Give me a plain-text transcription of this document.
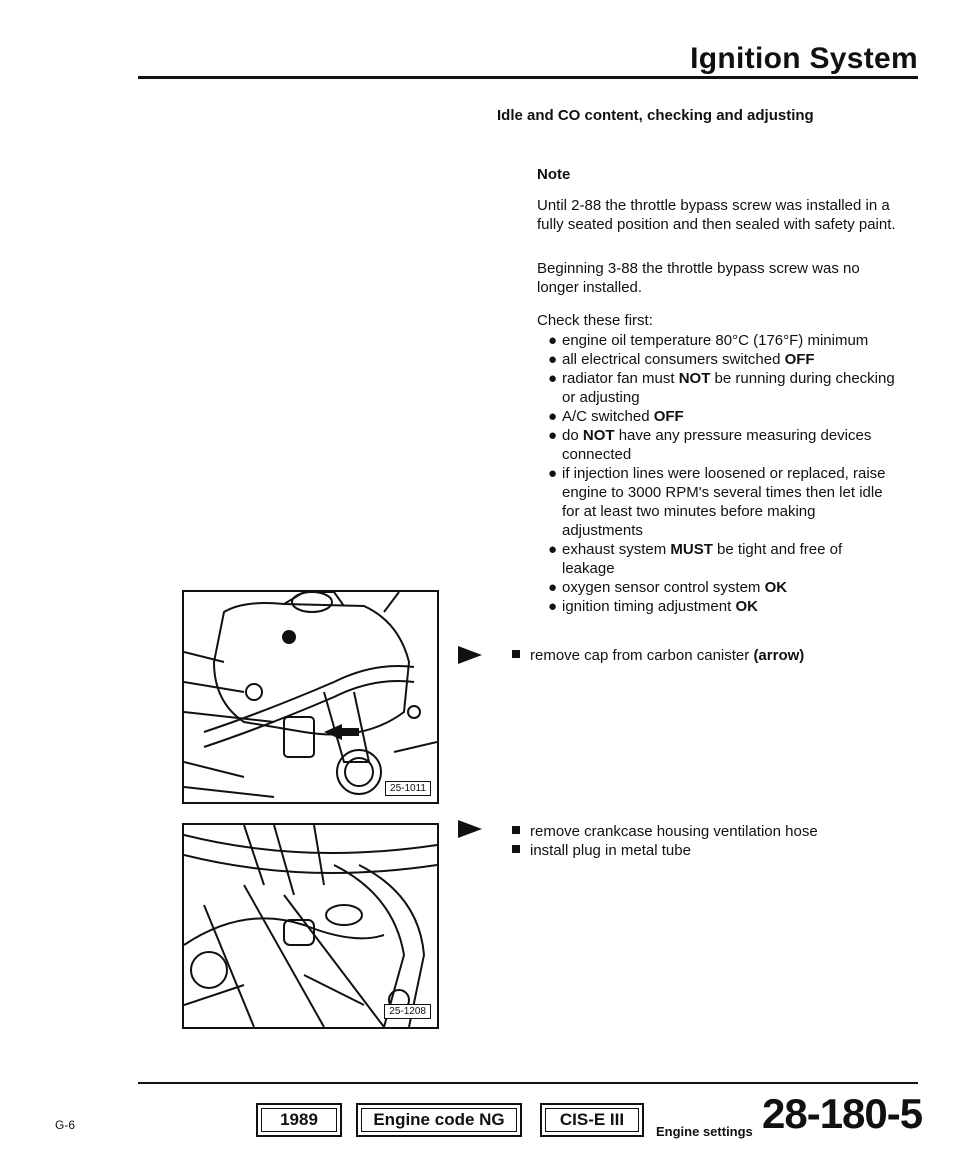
Ignition System
Idle and CO content, checking and adjusting
Note
Until 2-88 the throttle bypass screw was installed in a fully seated position and then sealed with safety paint.
Beginning 3-88 the throttle bypass screw was no longer installed.
Check these first:
● engine oil temperature 80°C (176°F) minimum
● all electrical consumers switched OFF
● radiator fan must NOT be running during checking or adjusting
● A/C switched OFF
● do NOT have any pressure measuring devices connected
● if injection lines were loosened or replaced, raise engine to 3000 RPM's several times then let idle for at least two minutes before making adjustments
● exhaust system MUST be tight and free of leakage
● oxygen sensor control system OK
● ignition timing adjustment OK
remove cap from carbon canister (arrow)
remove crankcase housing ventilation hose
install plug in metal tube
25-1011
25-1208
G-6	1989	Engine code NG	CIS-E III
Engine settings 28-180-5
